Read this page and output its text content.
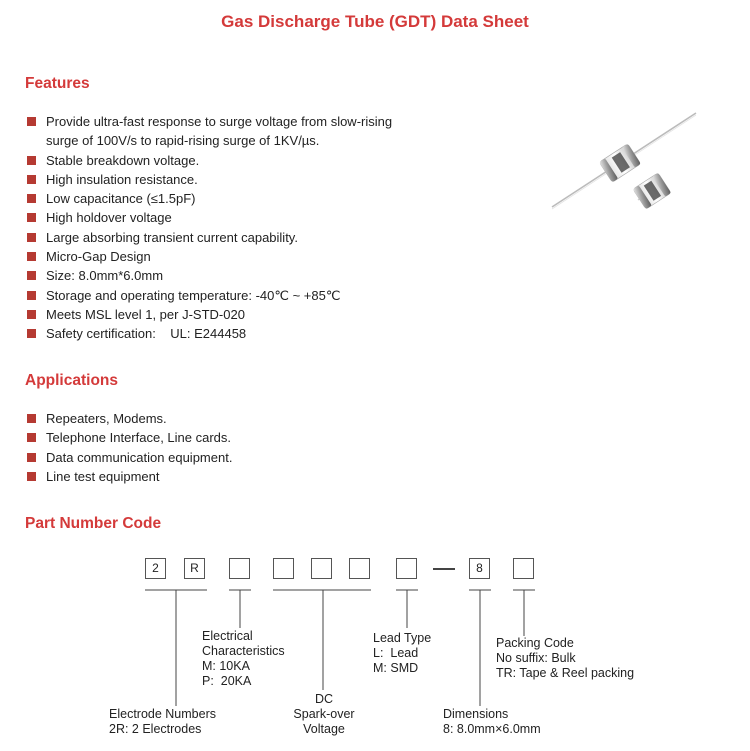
Gas Discharge Tube (GDT) Data Sheet
Features
Provide ultra-fast response to surge voltage from slow-rising
surge of 100V/s to rapid-rising surge of 1KV/µs.
Stable breakdown voltage.
High insulation resistance.
Low capacitance (≤1.5pF)
High holdover voltage
Large absorbing transient current capability.
Micro-Gap Design
Size: 8.0mm*6.0mm
Storage and operating temperature: -40℃ ~ +85℃
Meets MSL level 1, per J-STD-020
Safety certification:    UL: E244458
Applications
Repeaters, Modems.
Telephone Interface, Line cards.
Data communication equipment.
Line test equipment
Part Number Code
2	R	8
Electrical
Characteristics
M: 10KA
P:  20KA
Lead Type
L:  Lead
M: SMD
Packing Code
No suffix: Bulk
TR: Tape & Reel packing
DC
Spark-over
Voltage
Electrode Numbers
2R: 2 Electrodes
Dimensions
8: 8.0mm×6.0mm
